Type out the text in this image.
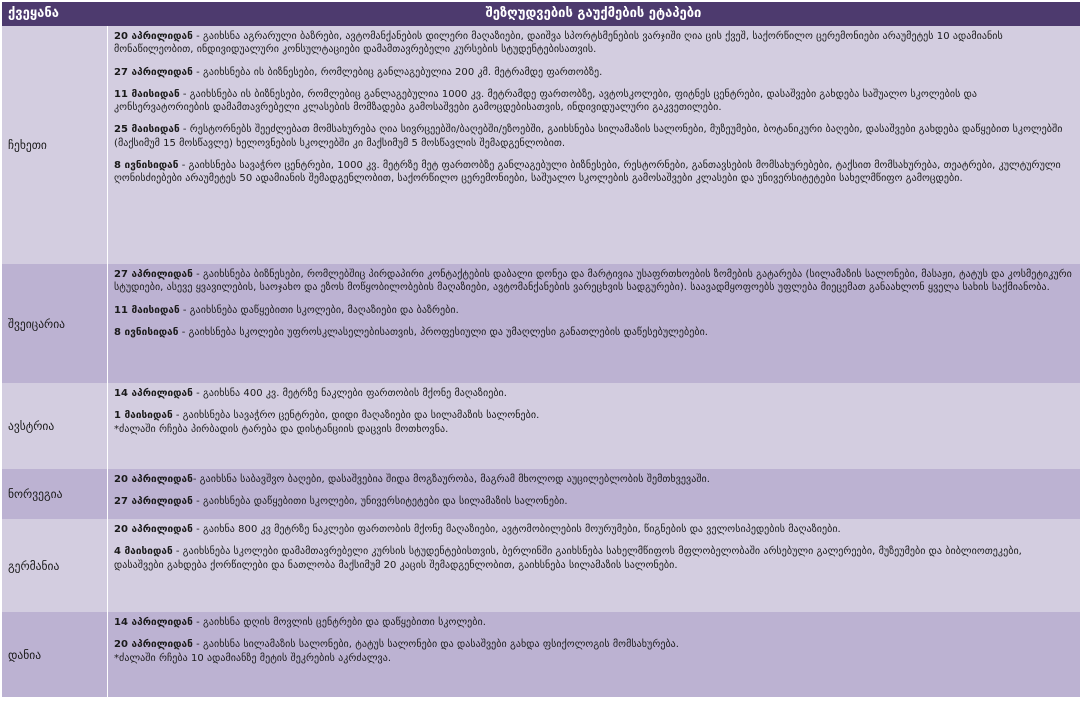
ქვეყანა	შეზღუდვების გაუქმების ეტაპები
ჩეხეთი

20 აპრილიდან - გაიხსნა აგრარული ბაზრები, ავტომანქანების დილერი მაღაზიები, დაიშვა სპორტსმენების ვარჯიში ღია ცის ქვეშ, საქორწილო ცერემონიები არაუმეტეს 10 ადამიანის მონაწილეობით, ინდივიდუალური კონსულტაციები დამამთავრებელი კურსების სტუდენტებისათვის.

27 აპრილიდან - გაიხსნება ის ბიზნესები, რომლებიც განლაგებულია 200 კმ. მეტრამდე ფართობზე.

11 მაისიდან - გაიხსნება ის ბიზნესები, რომლებიც განლაგებულია 1000 კვ. მეტრამდე ფართობზე, ავტოსკოლები, ფიტნეს ცენტრები, დასაშვები გახდება საშუალო სკოლების და კონსერვატორიების დამამთავრებელი კლასების მომზადება გამოსაშვები გამოცდებისათვის, ინდივიდუალური გაკვეთილები.

25 მაისიდან - რესტორნებს შეეძლებათ მომსახურება ღია სივრცეებში/ბაღებში/ეზოებში, გაიხსნება სილამაზის სალონები, მუზეუმები, ბოტანიკური ბაღები, დასაშვები გახდება დაწყებით სკოლებში (მაქსიმუმ 15 მოსწავლე) ხელოვნების სკოლებში კი მაქსიმუმ 5 მოსწავლის შემადგენლობით.

8 ივნისიდან - გაიხსნება სავაჭრო ცენტრები, 1000 კვ. მეტრზე მეტ ფართობზე განლაგებული ბიზნესები, რესტორნები, განთავსების მომსახურებები, ტაქსით მომსახურება, თეატრები, კულტურული ღონისძიებები არაუმეტეს 50 ადამიანის შემადგენლობით, საქორწილო ცერემონიები, საშუალო სკოლების გამოსაშვები კლასები და უნივერსიტეტები სახელმწიფო გამოცდები.

შვეიცარია

27 აპრილიდან - გაიხსნება ბიზნესები, რომლებშიც პირდაპირი კონტაქტების დაბალი დონეა და მარტივია უსაფრთხოების ზომების გატარება (სილამაზის სალონები, მასაჟი, ტატუს და კოსმეტიკური სტუდიები, ასევე ყვავილების, საოჯახო და ეზოს მოწყობილობების მაღაზიები, ავტომანქანების ვარეცხვის სადგურები). საავადმყოფოებს უფლება მიეცემათ განაახლონ ყველა სახის საქმიანობა.

11 მაისიდან - გაიხსნება დაწყებითი სკოლები, მაღაზიები და ბაზრები.

8 ივნისიდან - გაიხსნება სკოლები უფროსკლასელებისათვის, პროფესიული და უმაღლესი განათლების დაწესებულებები.

ავსტრია

14 აპრილიდან - გაიხსნა 400 კვ. მეტრზე ნაკლები ფართობის მქონე მაღაზიები.

1 მაისიდან - გაიხსნება სავაჭრო ცენტრები, დიდი მაღაზიები და სილამაზის სალონები.
*ძალაში რჩება პირბადის ტარება და დისტანციის დაცვის მოთხოვნა.

ნორვეგია

20 აპრილიდან- გაიხსნა საბავშვო ბაღები, დასაშვებია შიდა მოგზაურობა, მაგრამ მხოლოდ აუცილებლობის შემთხვევაში.

27 აპრილიდან - გაიხსნება დაწყებითი სკოლები, უნივერსიტეტები და სილამაზის სალონები.

გერმანია

20 აპრილიდან - გაიხნა 800 კვ მეტრზე ნაკლები ფართობის მქონე მაღაზიები, ავტომობილების მოურუმები, წიგნების და ველოსიპედების მაღაზიები.

4 მაისიდან - გაიხსნება სკოლები დამამთავრებელი კურსის სტუდენტებისთვის, ბერლინში გაიხსნება სახელმწიფოს მფლობელობაში არსებული გალერეები, მუზეუმები და ბიბლიოთეკები, დასაშვები გახდება ქორწილები და ნათლობა მაქსიმუმ 20 კაცის შემადგენლობით, გაიხსნება სილამაზის სალონები.

დანია

14 აპრილიდან - გაიხსნა დღის მოვლის ცენტრები და დაწყებითი სკოლები.

20 აპრილიდან - გაიხსნა სილამაზის სალონები, ტატუს სალონები და დასაშვები გახდა ფსიქოლოგის მომსახურება.
*ძალაში რჩება 10 ადამიანზე მეტის შეკრების აკრძალვა.
